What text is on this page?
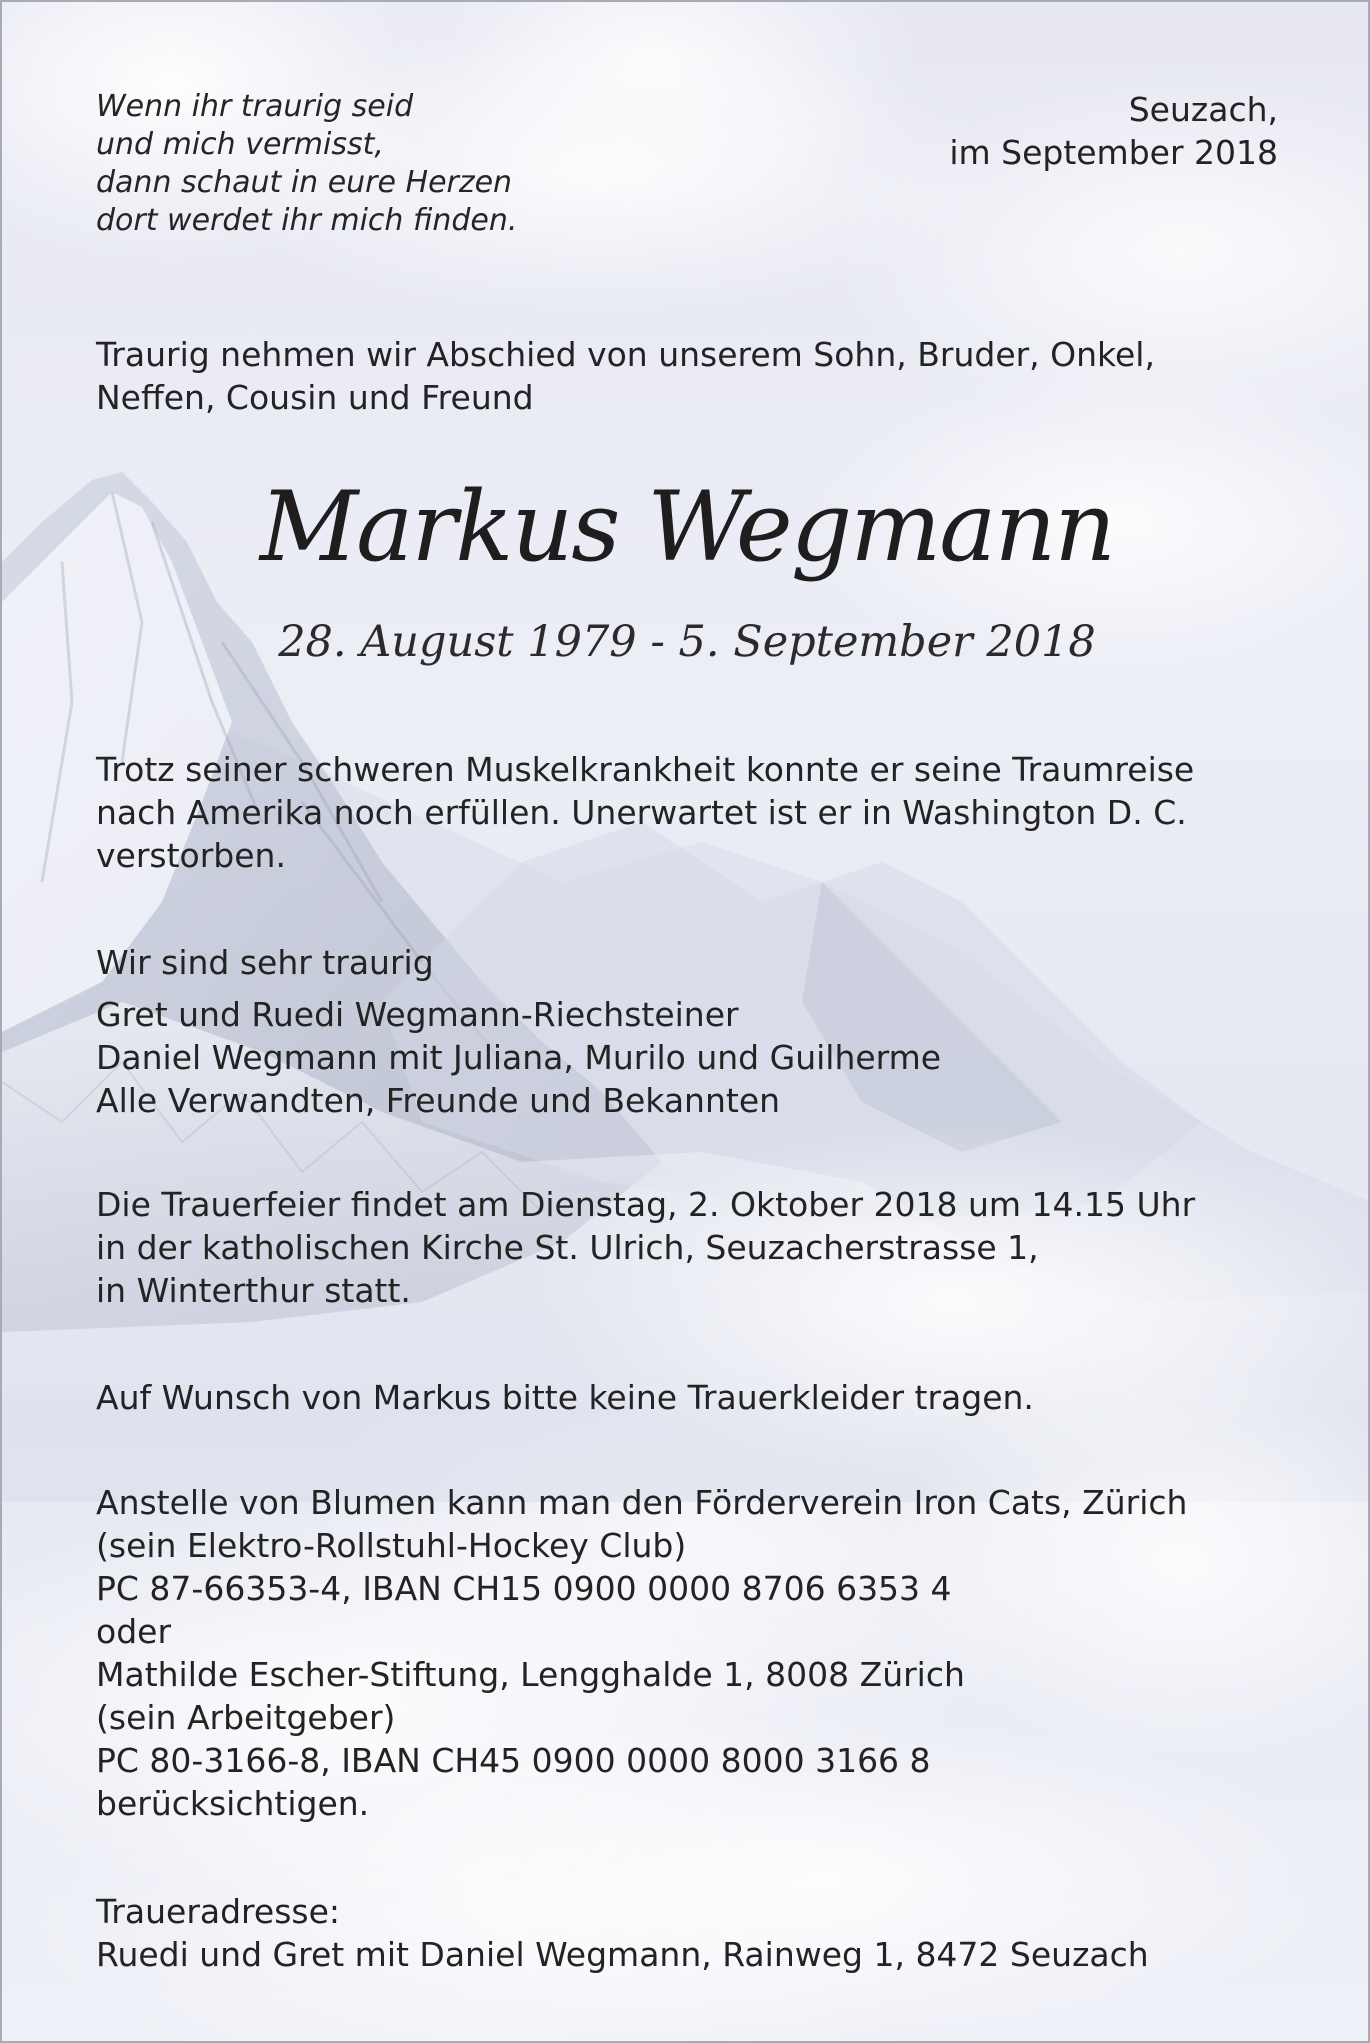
Wenn ihr traurig seid
und mich vermisst,
dann schaut in eure Herzen
dort werdet ihr mich finden.
Seuzach,
im September 2018
Traurig nehmen wir Abschied von unserem Sohn, Bruder, Onkel,
Neffen, Cousin und Freund
Markus Wegmann
28. August 1979 - 5. September 2018
Trotz seiner schweren Muskelkrankheit konnte er seine Traumreise
nach Amerika noch erfüllen. Unerwartet ist er in Washington D. C.
verstorben.
Wir sind sehr traurig
Gret und Ruedi Wegmann-Riechsteiner
Daniel Wegmann mit Juliana, Murilo und Guilherme
Alle Verwandten, Freunde und Bekannten
Die Trauerfeier findet am Dienstag, 2. Oktober 2018 um 14.15 Uhr
in der katholischen Kirche St. Ulrich, Seuzacherstrasse 1,
in Winterthur statt.
Auf Wunsch von Markus bitte keine Trauerkleider tragen.
Anstelle von Blumen kann man den Förderverein Iron Cats, Zürich
(sein Elektro-Rollstuhl-Hockey Club)
PC 87-66353-4, IBAN CH15 0900 0000 8706 6353 4
oder
Mathilde Escher-Stiftung, Lengghalde 1, 8008 Zürich
(sein Arbeitgeber)
PC 80-3166-8, IBAN CH45 0900 0000 8000 3166 8
berücksichtigen.
Traueradresse:
Ruedi und Gret mit Daniel Wegmann, Rainweg 1, 8472 Seuzach
